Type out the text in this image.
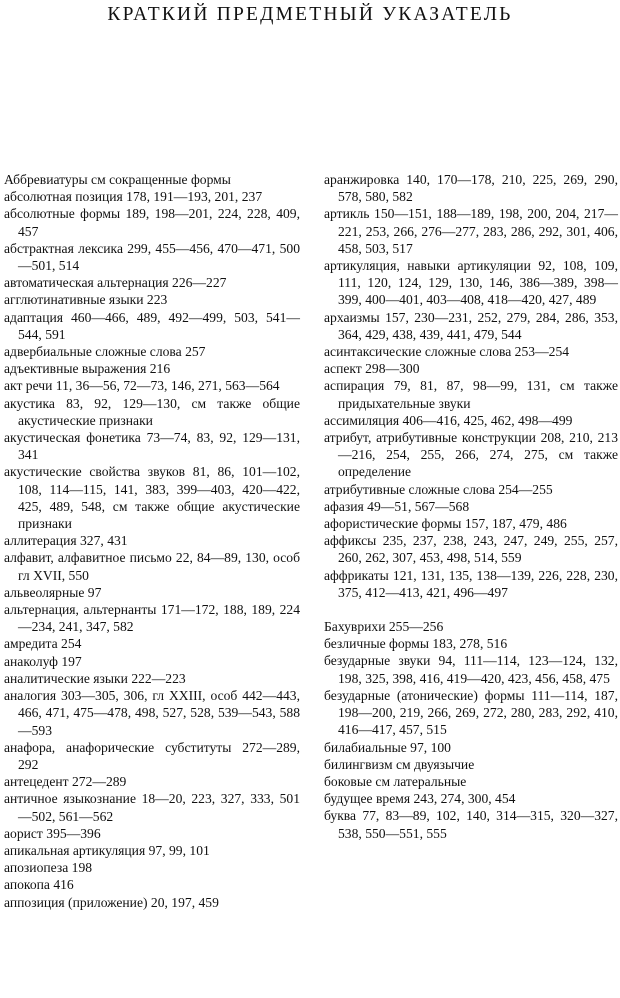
КРАТКИЙ ПРЕДМЕТНЫЙ УКАЗАТЕЛЬ

Аббревиатуры см сокращенные формы

абсолютная позиция 178, 191—193, 201, 237

абсолютные формы 189, 198—201, 224, 228, 409, 457

абстрактная лексика 299, 455—456, 470—471, 500—501, 514

автоматическая альтернация 226—227

агглютинативные языки 223

адаптация 460—466, 489, 492—499, 503, 541—544, 591

адвербиальные сложные слова 257

адъективные выражения 216

акт речи 11, 36—56, 72—73, 146, 271, 563—564

акустика 83, 92, 129—130, см также общие акустические признаки

акустическая фонетика 73—74, 83, 92, 129—131, 341

акустические свойства звуков 81, 86, 101—102, 108, 114—115, 141, 383, 399—403, 420—422, 425, 489, 548, см также общие акустические признаки

аллитерация 327, 431

алфавит, алфавитное письмо 22, 84—89, 130, особ гл XVII, 550

альвеолярные 97

альтернация, альтернанты 171—172, 188, 189, 224—234, 241, 347, 582

амредита 254

анаколуф 197

аналитические языки 222—223

аналогия 303—305, 306, гл XXIII, особ 442—443, 466, 471, 475—478, 498, 527, 528, 539—543, 588—593

анафора, анафорические субституты 272—289, 292

антецедент 272—289

античное языкознание 18—20, 223, 327, 333, 501—502, 561—562

аорист 395—396

апикальная артикуляция 97, 99, 101

апозиопеза 198

апокопа 416

аппозиция (приложение) 20, 197, 459

аранжировка 140, 170—178, 210, 225, 269, 290, 578, 580, 582

артикль 150—151, 188—189, 198, 200, 204, 217—221, 253, 266, 276—277, 283, 286, 292, 301, 406, 458, 503, 517

артикуляция, навыки артикуляции 92, 108, 109, 111, 120, 124, 129, 130, 146, 386—389, 398—399, 400—401, 403—408, 418—420, 427, 489

архаизмы 157, 230—231, 252, 279, 284, 286, 353, 364, 429, 438, 439, 441, 479, 544

асинтаксические сложные слова 253—254

аспект 298—300

аспирация 79, 81, 87, 98—99, 131, см также придыхательные звуки

ассимиляция 406—416, 425, 462, 498—499

атрибут, атрибутивные конструкции 208, 210, 213—216, 254, 255, 266, 274, 275, см также определение

атрибутивные сложные слова 254—255

афазия 49—51, 567—568

афористические формы 157, 187, 479, 486

аффиксы 235, 237, 238, 243, 247, 249, 255, 257, 260, 262, 307, 453, 498, 514, 559

аффрикаты 121, 131, 135, 138—139, 226, 228, 230, 375, 412—413, 421, 496—497

Бахуврихи 255—256

безличные формы 183, 278, 516

безударные звуки 94, 111—114, 123—124, 132, 198, 325, 398, 416, 419—420, 423, 456, 458, 475

безударные (атонические) формы 111—114, 187, 198—200, 219, 266, 269, 272, 280, 283, 292, 410, 416—417, 457, 515

билабиальные 97, 100

билингвизм см двуязычие

боковые см латеральные

будущее время 243, 274, 300, 454

буква 77, 83—89, 102, 140, 314—315, 320—327, 538, 550—551, 555
